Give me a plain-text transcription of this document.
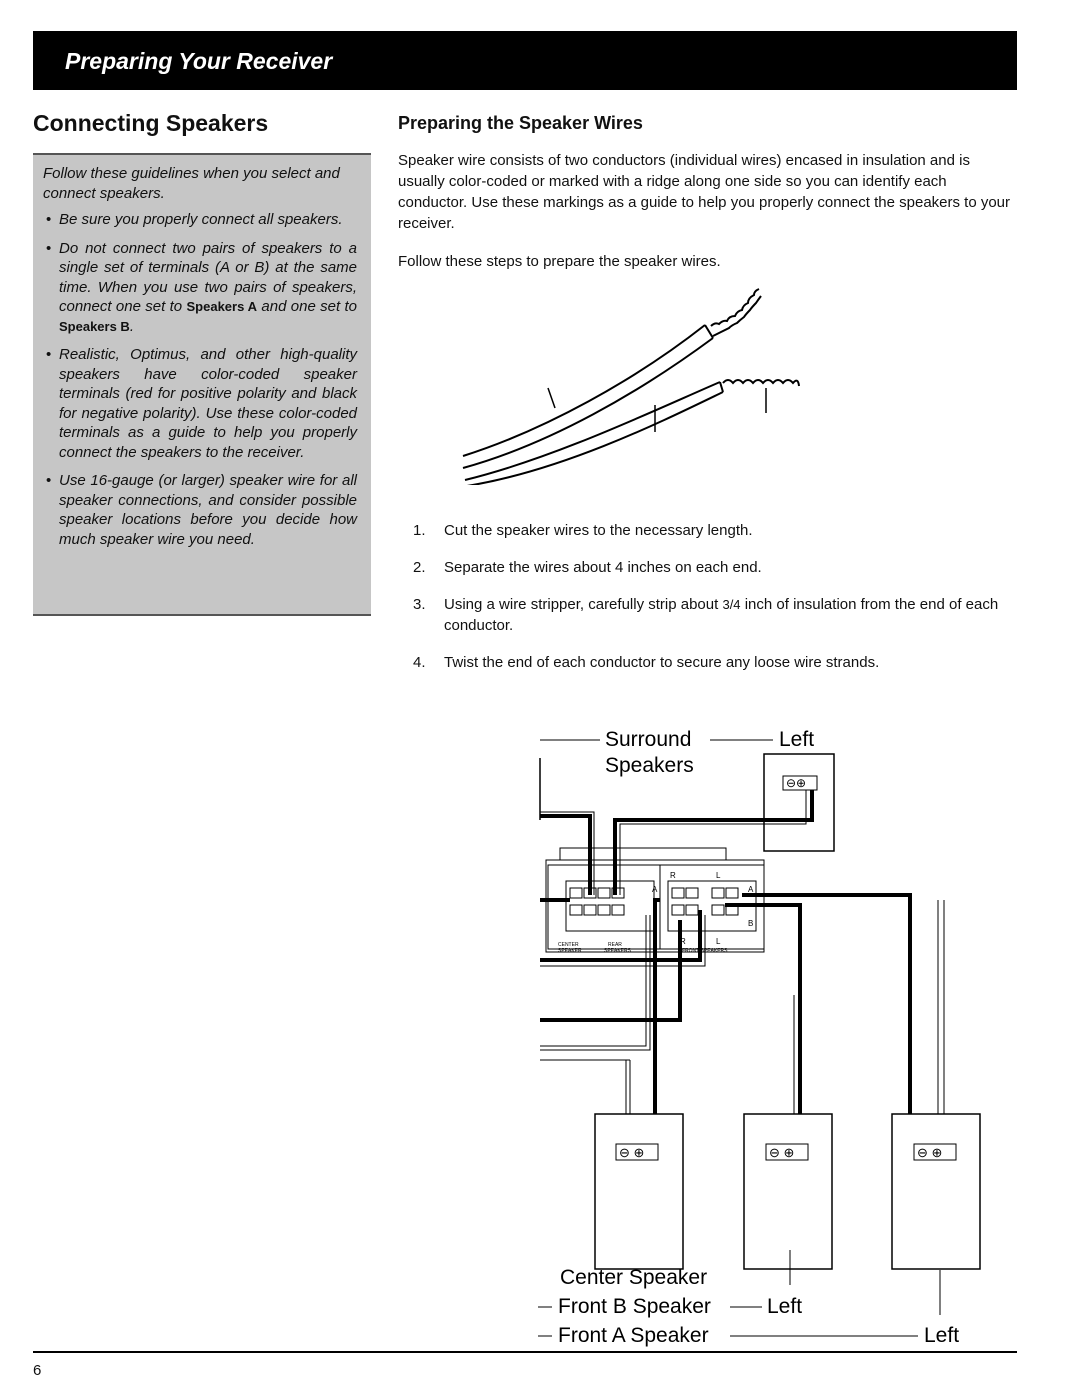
Preparing Your Receiver
Connecting Speakers	Preparing the Speaker Wires

Follow these guidelines when you select and connect speakers.

• Be sure you properly connect all speakers.
• Do not connect two pairs of speakers to a single set of terminals (A or B) at the same time. When you use two pairs of speakers, connect one set to Speakers A and one set to Speakers B.
• Realistic, Optimus, and other high-quality speakers have color-coded speaker terminals (red for positive polarity and black for negative polarity). Use these color-coded terminals as a guide to help you properly connect the speakers to the receiver.
• Use 16-gauge (or larger) speaker wire for all speaker connections, and consider possible speaker locations before you decide how much speaker wire you need.
Speaker wire consists of two conductors (individual wires) encased in insulation and is usually color-coded or marked with a ridge along one side so you can identify each conductor. Use these markings as a guide to help you properly connect the speakers to your receiver.
Follow these steps to prepare the speaker wires.
1.	Cut the speaker wires to the necessary length.
2.	Separate the wires about 4 inches on each end.
3.	Using a wire stripper, carefully strip about 3/4 inch of insulation from the end of each conductor.
4.	Twist the end of each conductor to secure any loose wire strands.
Surround	Left
Speakers
⊖⊕
R	L
A	A
B
R	L
CENTER
SPEAKER
REAR
SPEAKERS	FRONT SPEAKERS
⊖ ⊕	⊖ ⊕	⊖ ⊕
Center Speaker
Front B Speaker	Left
Front A Speaker	Left
6
